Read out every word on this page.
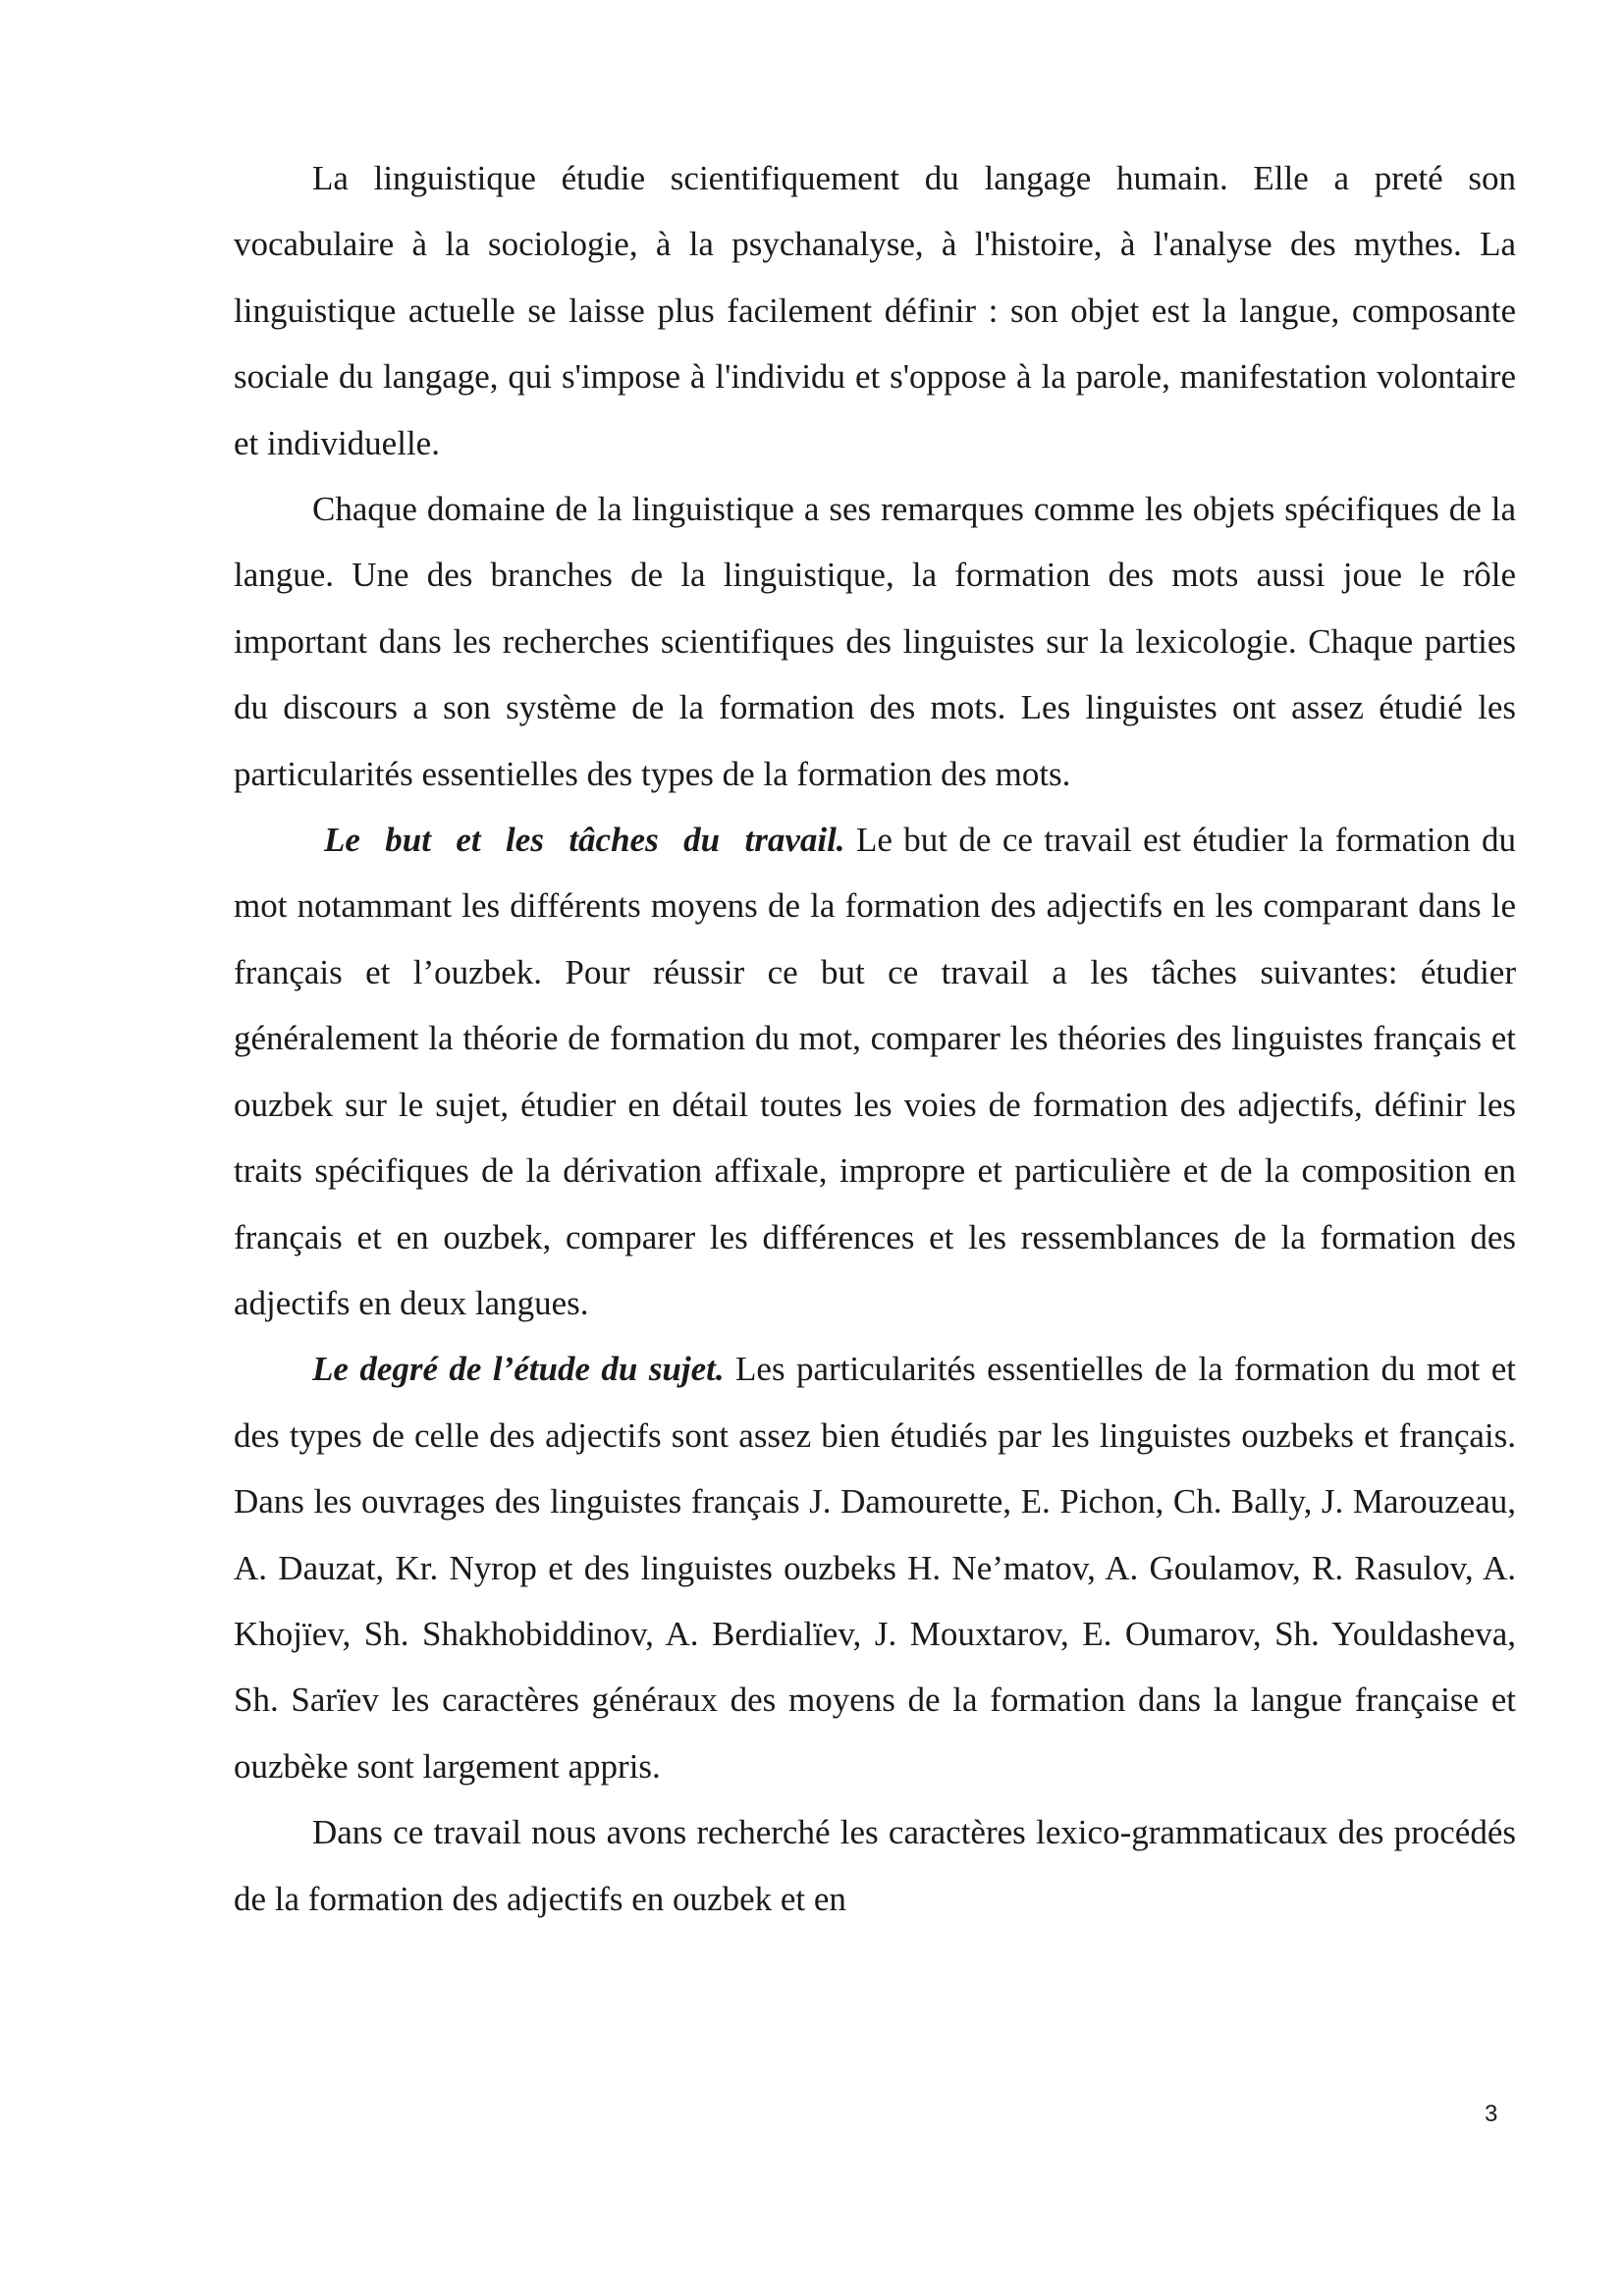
La linguistique étudie scientifiquement du langage humain. Elle a preté son vocabulaire à la sociologie, à la psychanalyse, à l'histoire, à l'analyse des mythes. La linguistique actuelle se laisse plus facilement définir : son objet est la langue, composante sociale du langage, qui s'impose à l'individu et s'oppose à la parole, manifestation volontaire et individuelle.

Chaque domaine de la linguistique a ses remarques comme les objets spécifiques de la langue. Une des branches de la linguistique, la formation des mots aussi joue le rôle important dans les recherches scientifiques des linguistes sur la lexicologie. Chaque parties du discours a son système de la formation des mots. Les linguistes ont assez étudié les particularités essentielles des types de la formation des mots.

Le but et les tâches du travail. Le but de ce travail est étudier la formation du mot notammant les différents moyens de la formation des adjectifs en les comparant dans le français et l’ouzbek. Pour réussir ce but ce travail a les tâches suivantes: étudier généralement la théorie de formation du mot, comparer les théories des linguistes français et ouzbek sur le sujet, étudier en détail toutes les voies de formation des adjectifs, définir les traits spécifiques de la dérivation affixale, impropre et particulière et de la composition en français et en ouzbek, comparer les différences et les ressemblances de la formation des adjectifs en deux langues.

Le degré de l’étude du sujet. Les particularités essentielles de la formation du mot et des types de celle des adjectifs sont assez bien étudiés par les linguistes ouzbeks et français. Dans les ouvrages des linguistes français J. Damourette, E. Pichon, Ch. Bally, J. Marouzeau, A. Dauzat, Kr. Nyrop et des linguistes ouzbeks H. Ne’matov, A. Goulamov, R. Rasulov, A. Khojïev, Sh. Shakhobiddinov, A. Berdialïev, J. Mouxtarov, E. Oumarov, Sh. Youldasheva, Sh. Sarïev les caractères généraux des moyens de la formation dans la langue française et ouzbèke sont largement appris.

Dans ce travail nous avons recherché les caractères lexico-grammaticaux des procédés de la formation des adjectifs en ouzbek et en

3
